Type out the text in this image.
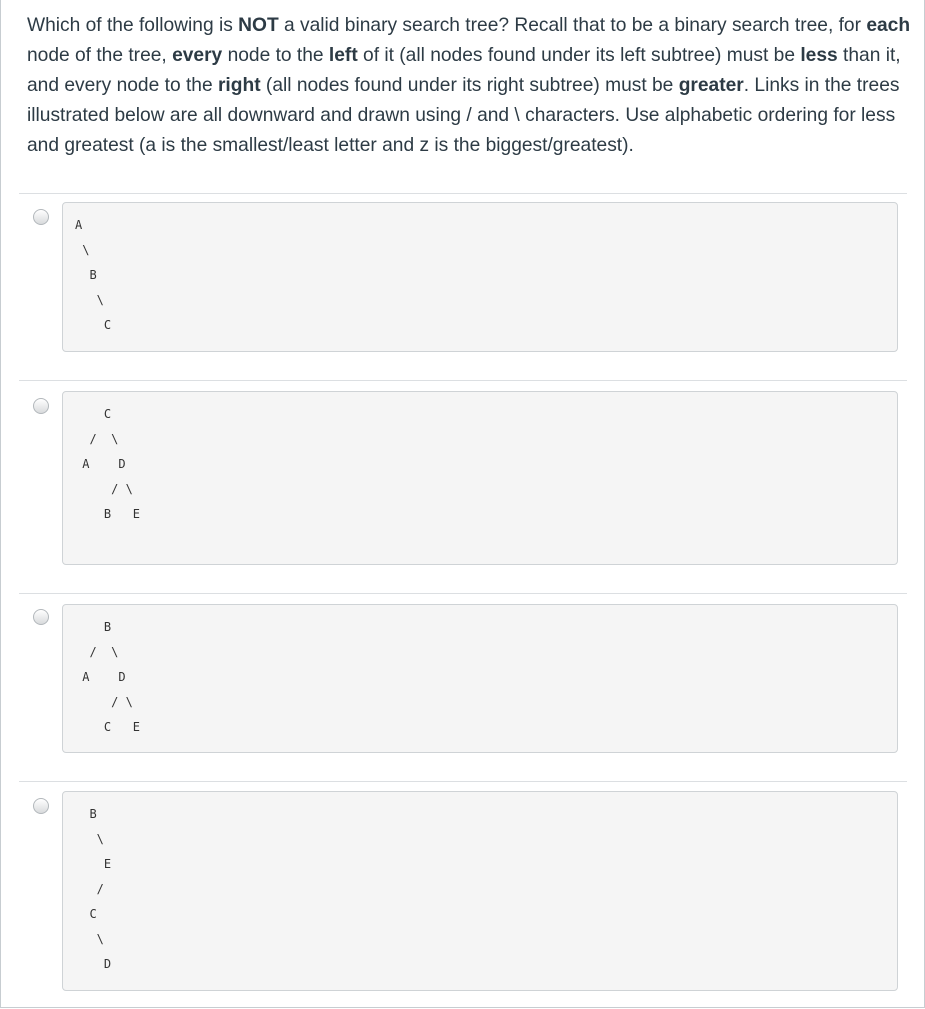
Which of the following is NOT a valid binary search tree? Recall that to be a binary search tree, for each node of the tree, every node to the left of it (all nodes found under its left subtree) must be less than it, and every node to the right (all nodes found under its right subtree) must be greater. Links in the trees illustrated below are all downward and drawn using / and \ characters. Use alphabetic ordering for less and greatest (a is the smallest/least letter and z is the biggest/greatest).
A
\
B
\
C
C
/  \
A    D
/ \
B   E
B
/  \
A    D
/ \
C   E
B
\
E
/
C
\
D
